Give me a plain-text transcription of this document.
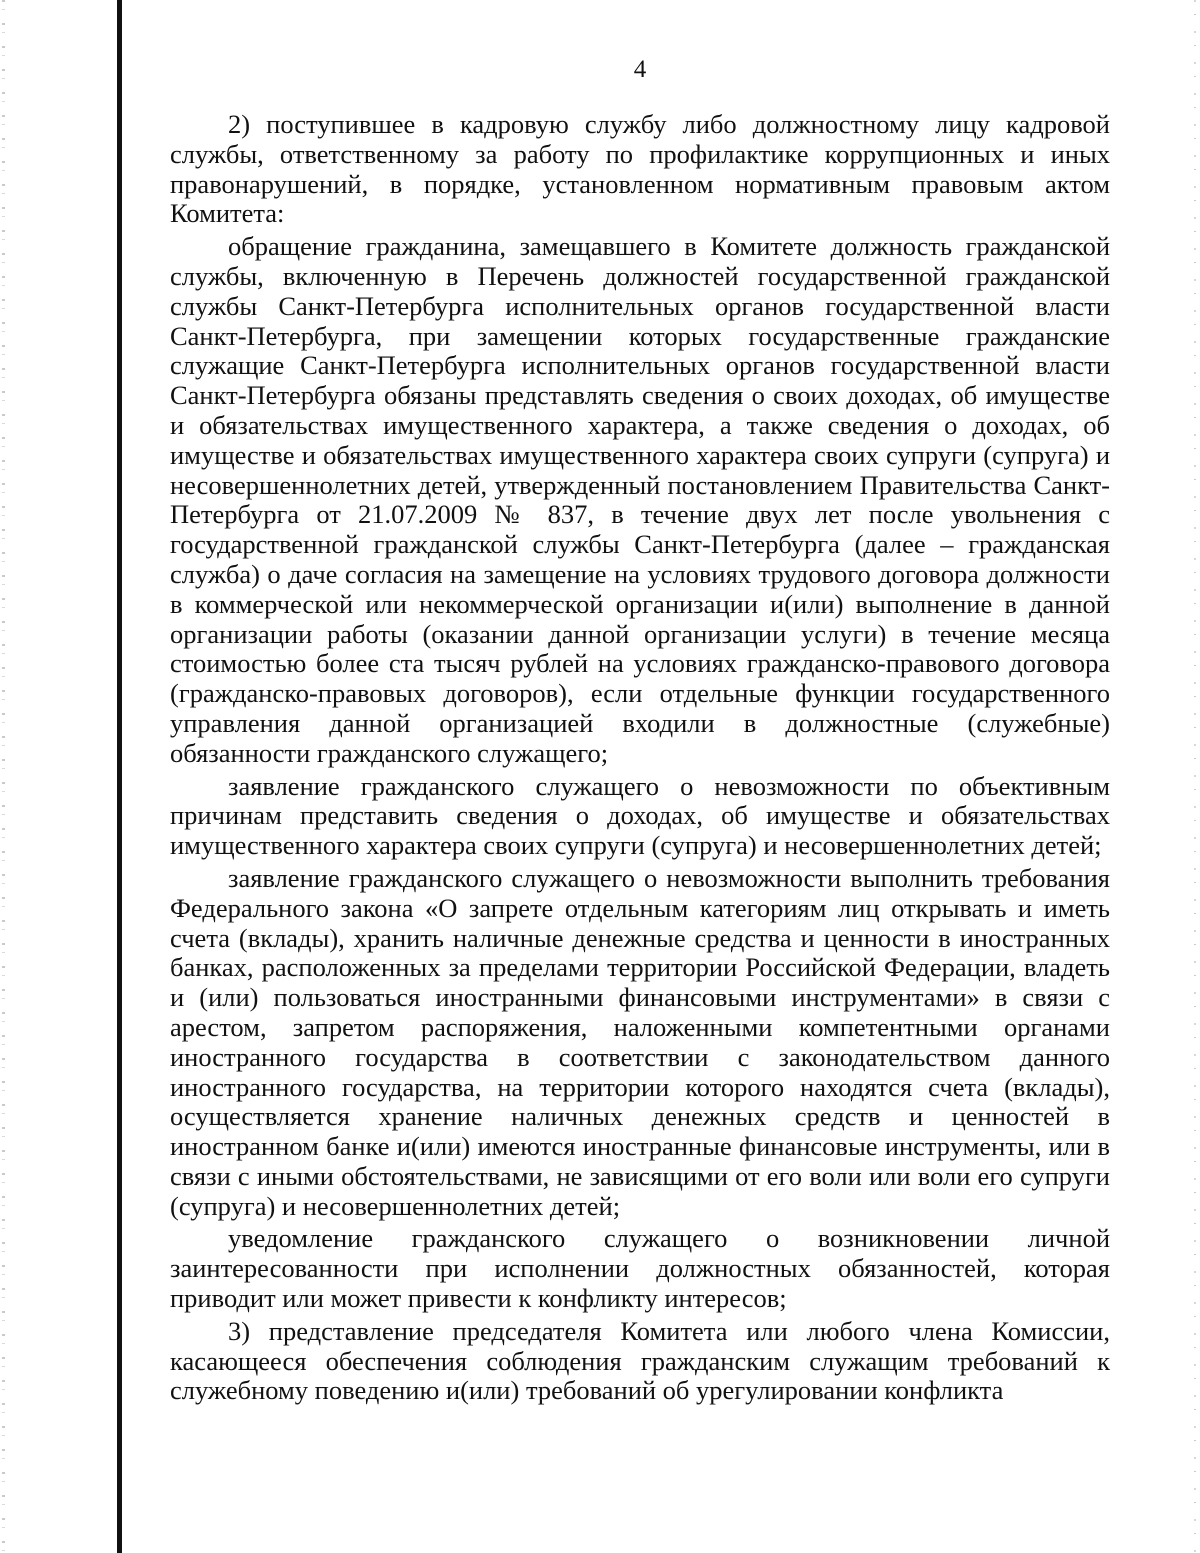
4

2) поступившее в кадровую службу либо должностному лицу кадровой службы, ответственному за работу по профилактике коррупционных и иных правонарушений, в порядке, установленном нормативным правовым актом Комитета:

обращение гражданина, замещавшего в Комитете должность гражданской службы, включенную в Перечень должностей государственной гражданской службы Санкт-Петербурга исполнительных органов государственной власти Санкт-Петербурга, при замещении которых государственные гражданские служащие Санкт-Петербурга исполнительных органов государственной власти Санкт-Петербурга обязаны представлять сведения о своих доходах, об имуществе и обязательствах имущественного характера, а также сведения о доходах, об имуществе и обязательствах имущественного характера своих супруги (супруга) и несовершеннолетних детей, утвержденный постановлением Правительства Санкт-Петербурга от 21.07.2009 № 837, в течение двух лет после увольнения с государственной гражданской службы Санкт-Петербурга (далее – гражданская служба) о даче согласия на замещение на условиях трудового договора должности в коммерческой или некоммерческой организации и(или) выполнение в данной организации работы (оказании данной организации услуги) в течение месяца стоимостью более ста тысяч рублей на условиях гражданско-правового договора (гражданско-правовых договоров), если отдельные функции государственного управления данной организацией входили в должностные (служебные) обязанности гражданского служащего;

заявление гражданского служащего о невозможности по объективным причинам представить сведения о доходах, об имуществе и обязательствах имущественного характера своих супруги (супруга) и несовершеннолетних детей;

заявление гражданского служащего о невозможности выполнить требования Федерального закона «О запрете отдельным категориям лиц открывать и иметь счета (вклады), хранить наличные денежные средства и ценности в иностранных банках, расположенных за пределами территории Российской Федерации, владеть и (или) пользоваться иностранными финансовыми инструментами» в связи с арестом, запретом распоряжения, наложенными компетентными органами иностранного государства в соответствии с законодательством данного иностранного государства, на территории которого находятся счета (вклады), осуществляется хранение наличных денежных средств и ценностей в иностранном банке и(или) имеются иностранные финансовые инструменты, или в связи с иными обстоятельствами, не зависящими от его воли или воли его супруги (супруга) и несовершеннолетних детей;

уведомление гражданского служащего о возникновении личной заинтересованности при исполнении должностных обязанностей, которая приводит или может привести к конфликту интересов;

3) представление председателя Комитета или любого члена Комиссии, касающееся обеспечения соблюдения гражданским служащим требований к служебному поведению и(или) требований об урегулировании конфликта
